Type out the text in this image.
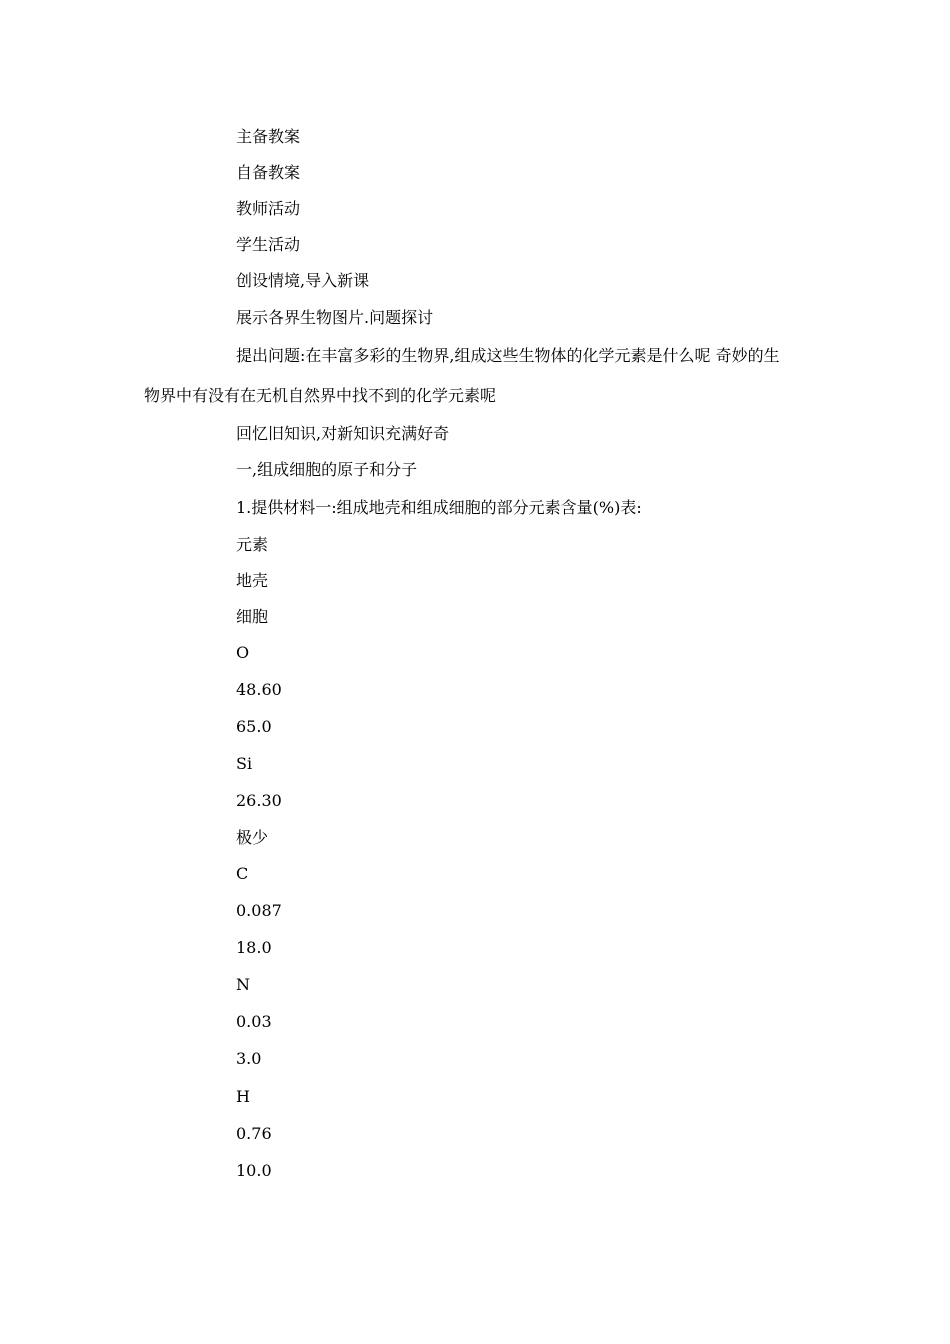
主备教案
自备教案
教师活动
学生活动
创设情境,导入新课
展示各界生物图片.问题探讨
提出问题:在丰富多彩的生物界,组成这些生物体的化学元素是什么呢 奇妙的生
物界中有没有在无机自然界中找不到的化学元素呢
回忆旧知识,对新知识充满好奇
一,组成细胞的原子和分子
1.提供材料一:组成地壳和组成细胞的部分元素含量(%)表:
元素
地壳
细胞
O
48.60
65.0
Si
26.30
极少
C
0.087
18.0
N
0.03
3.0
H
0.76
10.0
